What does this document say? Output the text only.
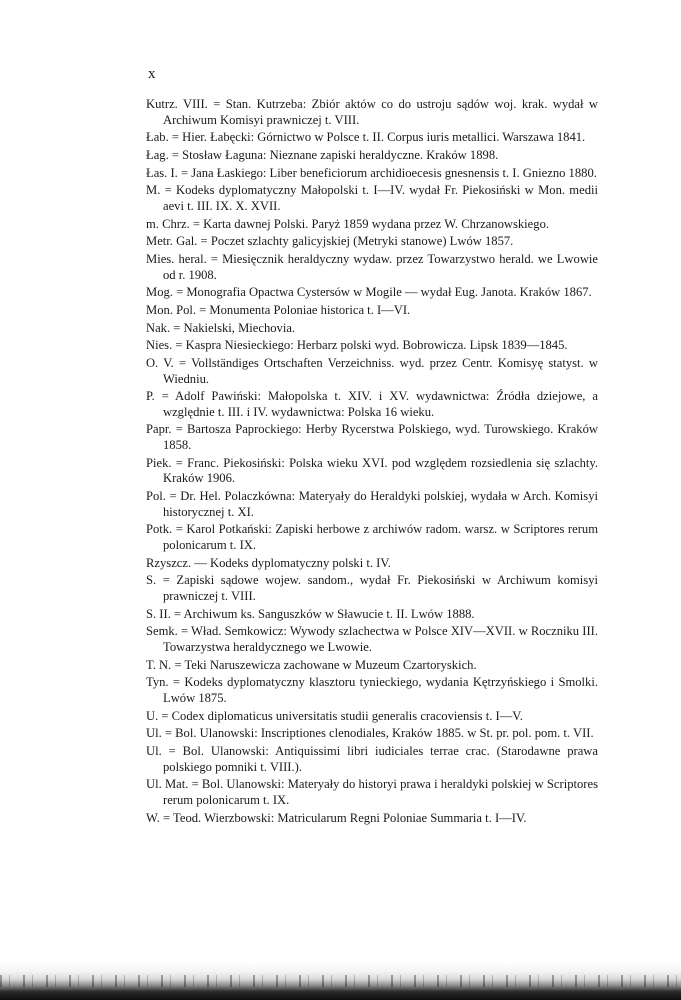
x
Kutrz. VIII. = Stan. Kutrzeba: Zbiór aktów co do ustroju sądów woj. krak. wydał w Archiwum Komisyi prawniczej t. VIII.
Łab. = Hier. Łabęcki: Górnictwo w Polsce t. II. Corpus iuris metallici. Warszawa 1841.
Łag. = Stosław Łaguna: Nieznane zapiski heraldyczne. Kraków 1898.
Łas. I. = Jana Łaskiego: Liber beneficiorum archidioecesis gnesnensis t. I. Gniezno 1880.
M. = Kodeks dyplomatyczny Małopolski t. I—IV. wydał Fr. Piekosiński w Mon. medii aevi t. III. IX. X. XVII.
m. Chrz. = Karta dawnej Polski. Paryż 1859 wydana przez W. Chrzanowskiego.
Metr. Gal. = Poczet szlachty galicyjskiej (Metryki stanowe) Lwów 1857.
Mies. heral. = Miesięcznik heraldyczny wydaw. przez Towarzystwo herald. we Lwowie od r. 1908.
Mog. = Monografia Opactwa Cystersów w Mogile — wydał Eug. Janota. Kraków 1867.
Mon. Pol. = Monumenta Poloniae historica t. I—VI.
Nak. = Nakielski, Miechovia.
Nies. = Kaspra Niesieckiego: Herbarz polski wyd. Bobrowicza. Lipsk 1839—1845.
O. V. = Vollständiges Ortschaften Verzeichniss. wyd. przez Centr. Komisyę statyst. w Wiedniu.
P. = Adolf Pawiński: Małopolska t. XIV. i XV. wydawnictwa: Źródła dziejowe, a względnie t. III. i IV. wydawnictwa: Polska 16 wieku.
Papr. = Bartosza Paprockiego: Herby Rycerstwa Polskiego, wyd. Turowskiego. Kraków 1858.
Piek. = Franc. Piekosiński: Polska wieku XVI. pod względem rozsiedlenia się szlachty. Kraków 1906.
Pol. = Dr. Hel. Polaczkówna: Materyały do Heraldyki polskiej, wydała w Arch. Komisyi historycznej t. XI.
Potk. = Karol Potkański: Zapiski herbowe z archiwów radom. warsz. w Scriptores rerum polonicarum t. IX.
Rzyszcz. — Kodeks dyplomatyczny polski t. IV.
S. = Zapiski sądowe wojew. sandom., wydał Fr. Piekosiński w Archiwum komisyi prawniczej t. VIII.
S. II. = Archiwum ks. Sanguszków w Sławucie t. II. Lwów 1888.
Semk. = Wład. Semkowicz: Wywody szlachectwa w Polsce XIV—XVII. w Roczniku III. Towarzystwa heraldycznego we Lwowie.
T. N. = Teki Naruszewicza zachowane w Muzeum Czartoryskich.
Tyn. = Kodeks dyplomatyczny klasztoru tynieckiego, wydania Kętrzyńskiego i Smolki. Lwów 1875.
U. = Codex diplomaticus universitatis studii generalis cracoviensis t. I—V.
Ul. = Bol. Ulanowski: Inscriptiones clenodiales, Kraków 1885. w St. pr. pol. pom. t. VII.
Ul. = Bol. Ulanowski: Antiquissimi libri iudiciales terrae crac. (Starodawne prawa polskiego pomniki t. VIII.).
Ul. Mat. = Bol. Ulanowski: Materyały do historyi prawa i heraldyki polskiej w Scriptores rerum polonicarum t. IX.
W. = Teod. Wierzbowski: Matricularum Regni Poloniae Summaria t. I—IV.
